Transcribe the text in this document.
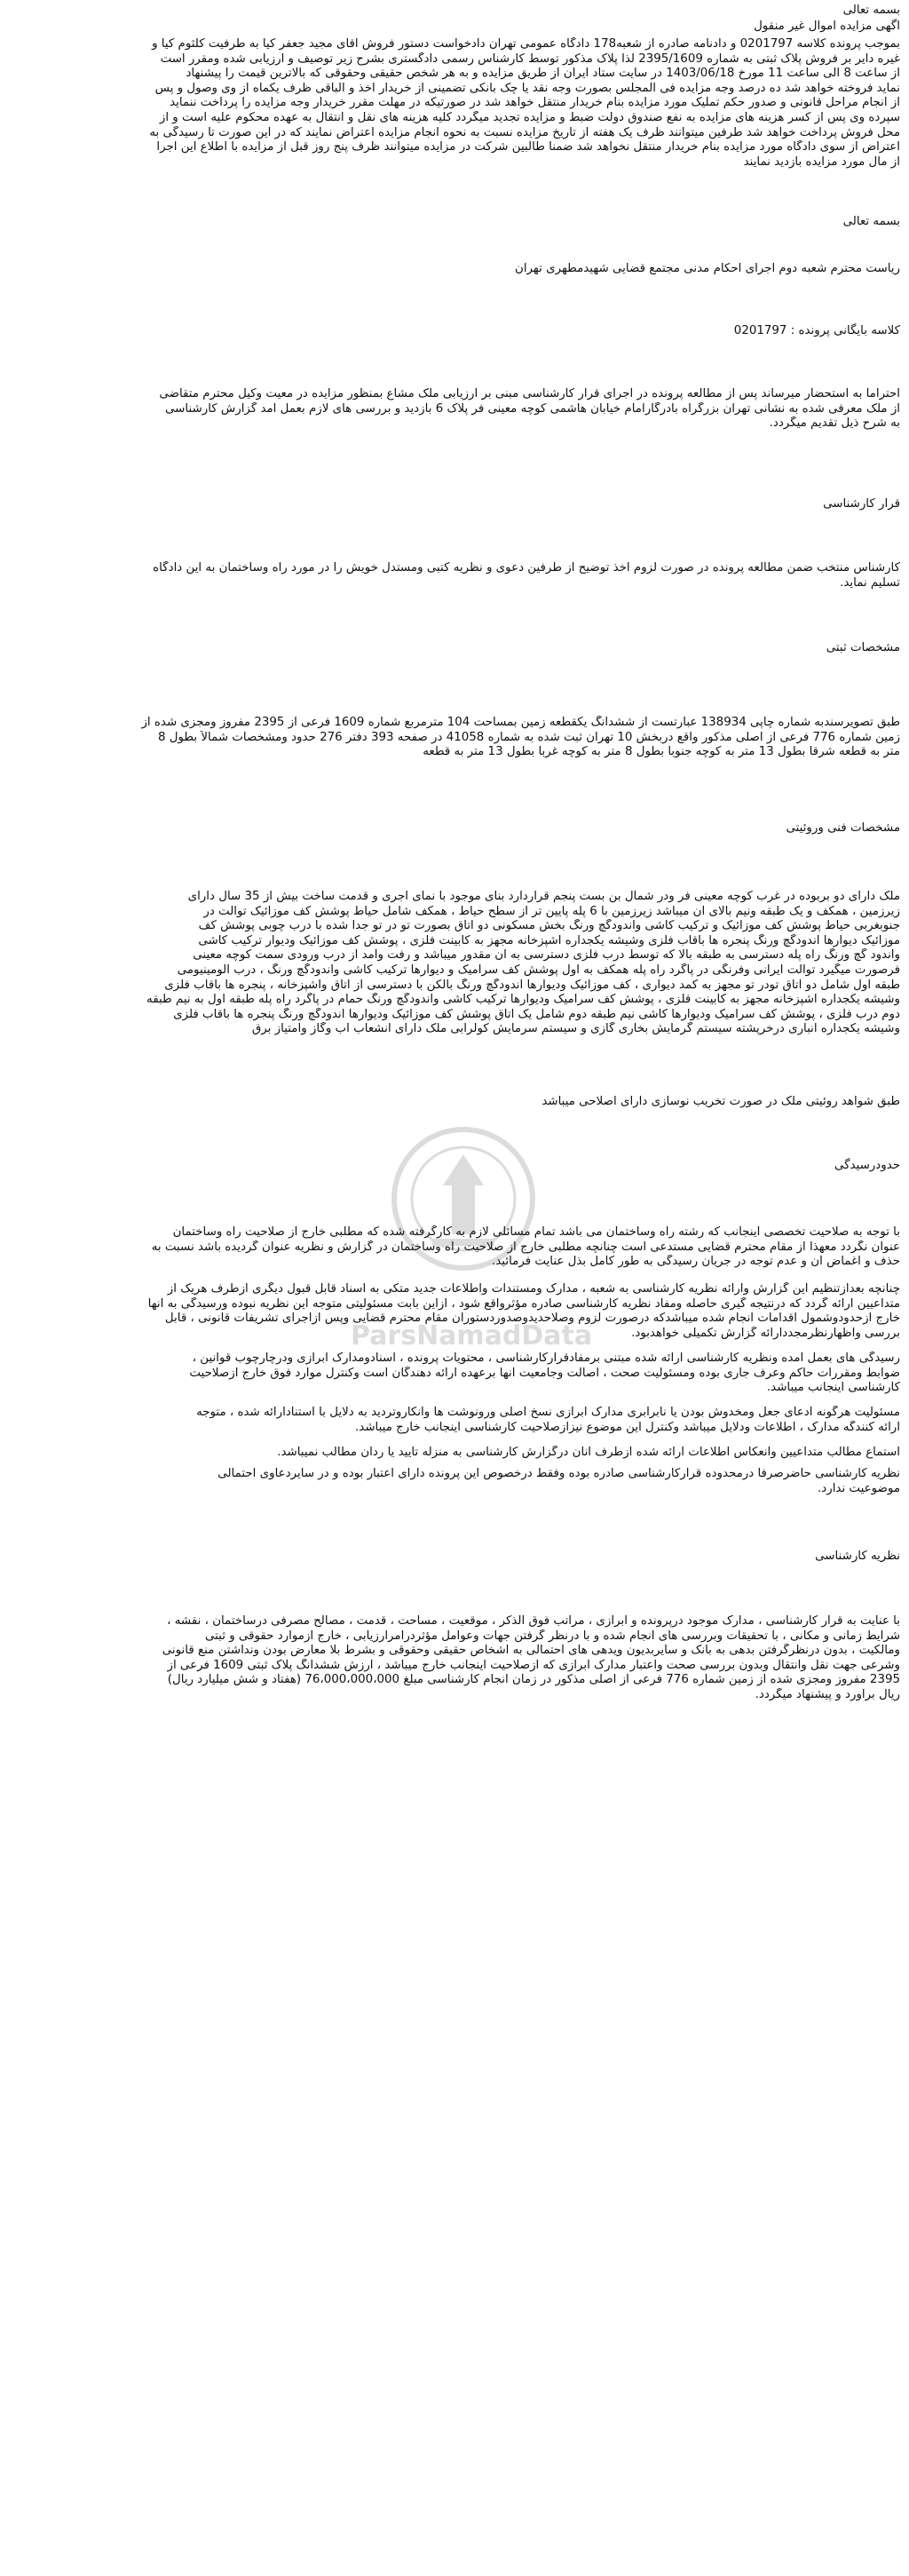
بسمه تعالی
اگهی مزایده اموال غیر منقول
بموجب پرونده کلاسه 0201797 و دادنامه صادره از شعبه178 دادگاه عمومی تهران دادخواست دستور فروش آقای مجید جعفر کیا به طرفیت کلثوم کیا و
غیره دایر بر فروش پلاک ثبتی به شماره 2395/1609 لذا پلاک مذکور توسط کارشناس رسمی دادگستری بشرح زیر توصیف و ارزیابی شده ومقرر است
از ساعت 8 الی ساعت 11 مورخ 1403/06/18 در سایت ستاد ایران از طریق مزایده و به هر شخص حقیقی وحقوقی که بالاترین قیمت را پیشنهاد
نماید فروخته خواهد شد ده درصد وجه مزایده فی المجلس بصورت وجه نقد یا چک بانکی تضمینی از خریدار اخذ و الباقی ظرف یکماه از وی وصول و پس
از انجام مراحل قانونی و صدور حکم تملیک مورد مزایده بنام خریدار منتقل خواهد شد در صورتیکه در مهلت مقرر خریدار وجه مزایده را پرداخت ننماید
سپرده وی پس از کسر هزینه های مزایده به نفع صندوق دولت ضبط و مزایده تجدید میگردد کلیه هزینه های نقل و انتقال به عهده محکوم علیه است و از
محل فروش پرداخت خواهد شد طرفین میتوانند ظرف یک هفته از تاریخ مزایده نسبت به نحوه انجام مزایده اعتراض نمایند که در این صورت تا رسیدگی به
اعتراض از سوی دادگاه مورد مزایده بنام خریدار منتقل نخواهد شد ضمنا طالبین شرکت در مزایده میتوانند ظرف پنج روز قبل از مزایده با اطلاع این اجرا
از مال مورد مزایده بازدید نمایند
بسمه تعالی
ریاست محترم شعبه دوم اجرای احکام مدنی مجتمع قضایی شهیدمطهری تهران
کلاسه بایگانی پرونده : 0201797
احتراماً به استحضار میرساند پس از مطالعه پرونده در اجرای قرار کارشناسی مبنی بر ارزیابی ملک مشاع بمنظور مزایده در معیت وکیل محترم متقاضی
از ملک معرفی شده به نشانی تهران بزرگراه بادرگارامام خیابان هاشمی کوچه معینی فر پلاک 6 بازدید و بررسی های لازم بعمل آمد گزارش کارشناسی
به شرح ذیل تقدیم میگردد.
قرار کارشناسی
کارشناس منتخب ضمن مطالعه پرونده در صورت لزوم اخذ توضیح از طرفین دعوی و نظریه کتبی ومستدل خویش را در مورد راه وساختمان به این دادگاه
تسلیم نماید.
مشخصات ثبتی
طبق تصویرسندبه شماره چاپی 138934 عبارتست از ششدانگ یکقطعه زمین بمساحت 104 مترمربع شماره 1609 فرعی از 2395 مفروز ومجزی شده از
زمین شماره 776 فرعی از اصلی مذکور واقع دربخش 10 تهران ثبت شده به شماره 41058 در صفحه 393 دفتر 276 حدود ومشخصات شمالاً بطول 8
متر به قطعه شرقاً بطول 13 متر به کوچه جنوباً بطول 8 متر به کوچه غرباً بطول 13 متر به قطعه
مشخصات فنی وروئیتی
ملک دارای دو بربوده در غرب کوچه معینی فر ودر شمال بن بست پنجم قراردارد بنای موجود با نمای آجری و قدمت ساخت بیش از 35 سال دارای
زیرزمین ، همکف و یک طبقه ونیم بالای آن میباشد زیرزمین با 6 پله پایین تر از سطح حیاط ، همکف شامل حیاط پوشش کف موزائیک توالت در
جنوبغربی حیاط پوشش کف موزائیک و ترکیب کاشی واندودگچ ورنگ بخش مسکونی دو اتاق بصورت تو در تو جدا شده با درب چوبی پوشش کف
موزائیک دیوارها اندودگچ ورنگ پنجره ها باقاب فلزی وشیشه یکجداره آشپزخانه مجهز به کابینت فلزی ، پوشش کف موزائیک ودیوار ترکیب کاشی
واندود گچ ورنگ راه پله دسترسی به طبقه بالا که توسط درب فلزی دسترسی به آن مقدور میباشد و رفت وآمد از درب ورودی سمت کوچه معینی
فرصورت میگیرد توالت ایرانی وفرنگی در پاگرد راه پله همکف به اول پوشش کف سرامیک و دیوارها ترکیب کاشی واندودگچ ورنگ ، درب آلومینیومی
طبقه اول شامل دو اتاق تودر تو مجهز به کمد دیواری ، کف موزائیک ودیوارها اندودگچ ورنگ بالکن با دسترسی از اتاق وآشپزخانه ، پنجره ها باقاب فلزی
وشیشه یکجداره آشپزخانه مجهز به کابینت فلزی ، پوشش کف سرامیک ودیوارها ترکیب کاشی واندودگچ ورنگ حمام در پاگرد راه پله طبقه اول به نیم طبقه
دوم درب فلزی ، پوشش کف سرامیک ودیوارها کاشی نیم طبقه دوم شامل یک اتاق پوشش کف موزائیک ودیوارها اندودگچ ورنگ پنجره ها باقاب فلزی
وشیشه یکجداره انباری درخرپشته سیستم گرمایش بخاری گازی و سیستم سرمایش کولرآبی ملک دارای انشعاب آب وگاز وامتیاز برق
طبق شواهد روئیتی ملک در صورت تخریب نوسازی دارای اصلاحی میباشد
حدودرسیدگی
با توجه به صلاحیت تخصصی اینجانب که رشته راه وساختمان می باشد تمام مسائلی لازم به کارگرفته شده که مطلبی خارج از صلاحیت راه وساختمان
عنوان نگردد معهذا از مقام محترم قضایی مستدعی است چنانچه مطلبی خارج از صلاحیت راه وساختمان در گزارش و نظریه عنوان گردیده باشد نسبت به
حذف و اغماض آن و عدم توجه در جریان رسیدگی به طور کامل بذل عنایت فرمائید.
چنانچه بعدازتنظیم این گزارش وارائه نظریه کارشناسی به شعبه ، مدارک ومستندات واطلاعات جدید متکی به اسناد قابل قبول دیگری ازطرف هریک از
متداعیین ارائه گردد که درنتیجه گیری حاصله ومفاد نظریه کارشناسی صادره مؤثرواقع شود ، ازاین بابت مسئولیتی متوجه این نظریه نبوده ورسیدگی به آنها
خارج ازحدودوشمول اقدامات انجام شده میباشدکه درصورت لزوم وصلاحدیدوصدوردستورآن مقام محترم قضایی وپس ازاجرای تشریفات قانونی ، قابل
بررسی واظهارنظرمجددارائه گزارش تکمیلی خواهدبود.
رسیدگی های بعمل آمده ونظریه کارشناسی ارائه شده مبتنی برمفادقرارکارشناسی ، محتویات پرونده ، اسنادومدارک ابرازی ودرچارچوب قوانین ،
ضوابط ومقررات حاکم وعرف جاری بوده ومسئولیت صحت ، اصالت وجامعیت آنها برعهده ارائه دهندگان است وکنترل موارد فوق خارج ازصلاحیت
کارشناسی اینجانب میباشد.
مسئولیت هرگونه ادعای جعل ومخدوش بودن یا نابرابری مدارک ابرازی نسخ اصلی ورونوشت ها وانکاروتردید به دلایل با استنادارائه شده ، متوجه
ارائه کنندگه مدارک ، اطلاعات ودلایل میباشد وکنترل این موضوع نیزازصلاحیت کارشناسی اینجانب خارج میباشد.
استماع مطالب متداعیین وانعکاس اطلاعات ارائه شده ازطرف آنان درگزارش کارشناسی به منزله تایید یا ردآن مطالب نمیباشد.
نظریه کارشناسی حاضرصرفاً درمحدوده قرارکارشناسی صادره بوده وفقط درخصوص این پرونده دارای اعتبار بوده و در سایردعاوی احتمالی
موضوعیت ندارد.
نظریه کارشناسی
با عنایت به قرار کارشناسی ، مدارک موجود درپرونده و ابرازی ، مراتب فوق الذکر ، موقعیت ، مساحت ، قدمت ، مصالح مصرفی درساختمان ، نقشه ،
شرایط زمانی و مکانی ، با تحقیقات وبررسی های انجام شده و با درنظر گرفتن جهات وعوامل مؤثردرامرارزیابی ، خارج ازموارد حقوقی و ثبتی
ومالکیت ، بدون درنظرگرفتن بدهی به بانک و سایربدیون ویدهی های احتمالی به اشخاص حقیقی وحقوقی و بشرط بلا معارض بودن ونداشتن منع قانونی
وشرعی جهت نقل وانتقال وبدون بررسی صحت واعتبار مدارک ابرازی که ازصلاحیت اینجانب خارج میباشد ، ارزش ششدانگ پلاک ثبتی 1609 فرعی از
2395 مفروز ومجزی شده از زمین شماره 776 فرعی از اصلی مذکور در زمان انجام کارشناسی مبلغ 76،000،000،000 (هفتاد و شش میلیارد ریال)
ریال برآورد و پیشنهاد میگردد.
ParsNamadData
